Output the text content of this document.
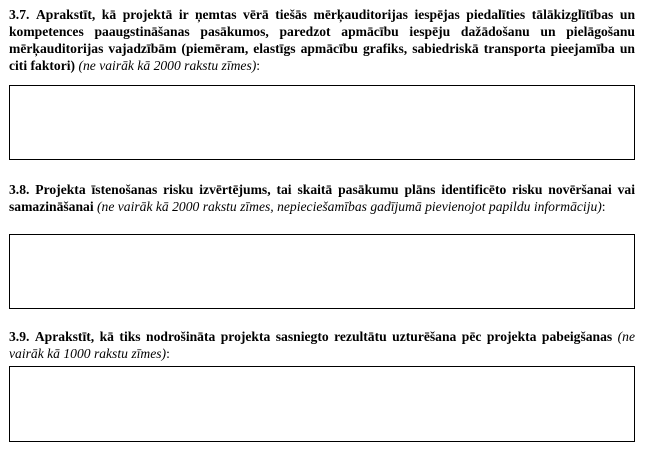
3.7. Aprakstīt, kā projektā ir ņemtas vērā tiešās mērķauditorijas iespējas piedalīties tālākizglītības un kompetences paaugstināšanas pasākumos, paredzot apmācību iespēju dažādošanu un pielāgošanu mērķauditorijas vajadzībām (piemēram, elastīgs apmācību grafiks, sabiedriskā transporta pieejamība un citi faktori) (ne vairāk kā 2000 rakstu zīmes):

3.8. Projekta īstenošanas risku izvērtējums, tai skaitā pasākumu plāns identificēto risku novēršanai vai samazināšanai (ne vairāk kā 2000 rakstu zīmes, nepieciešamības gadījumā pievienojot papildu informāciju):

3.9. Aprakstīt, kā tiks nodrošināta projekta sasniegto rezultātu uzturēšana pēc projekta pabeigšanas (ne vairāk kā 1000 rakstu zīmes):
